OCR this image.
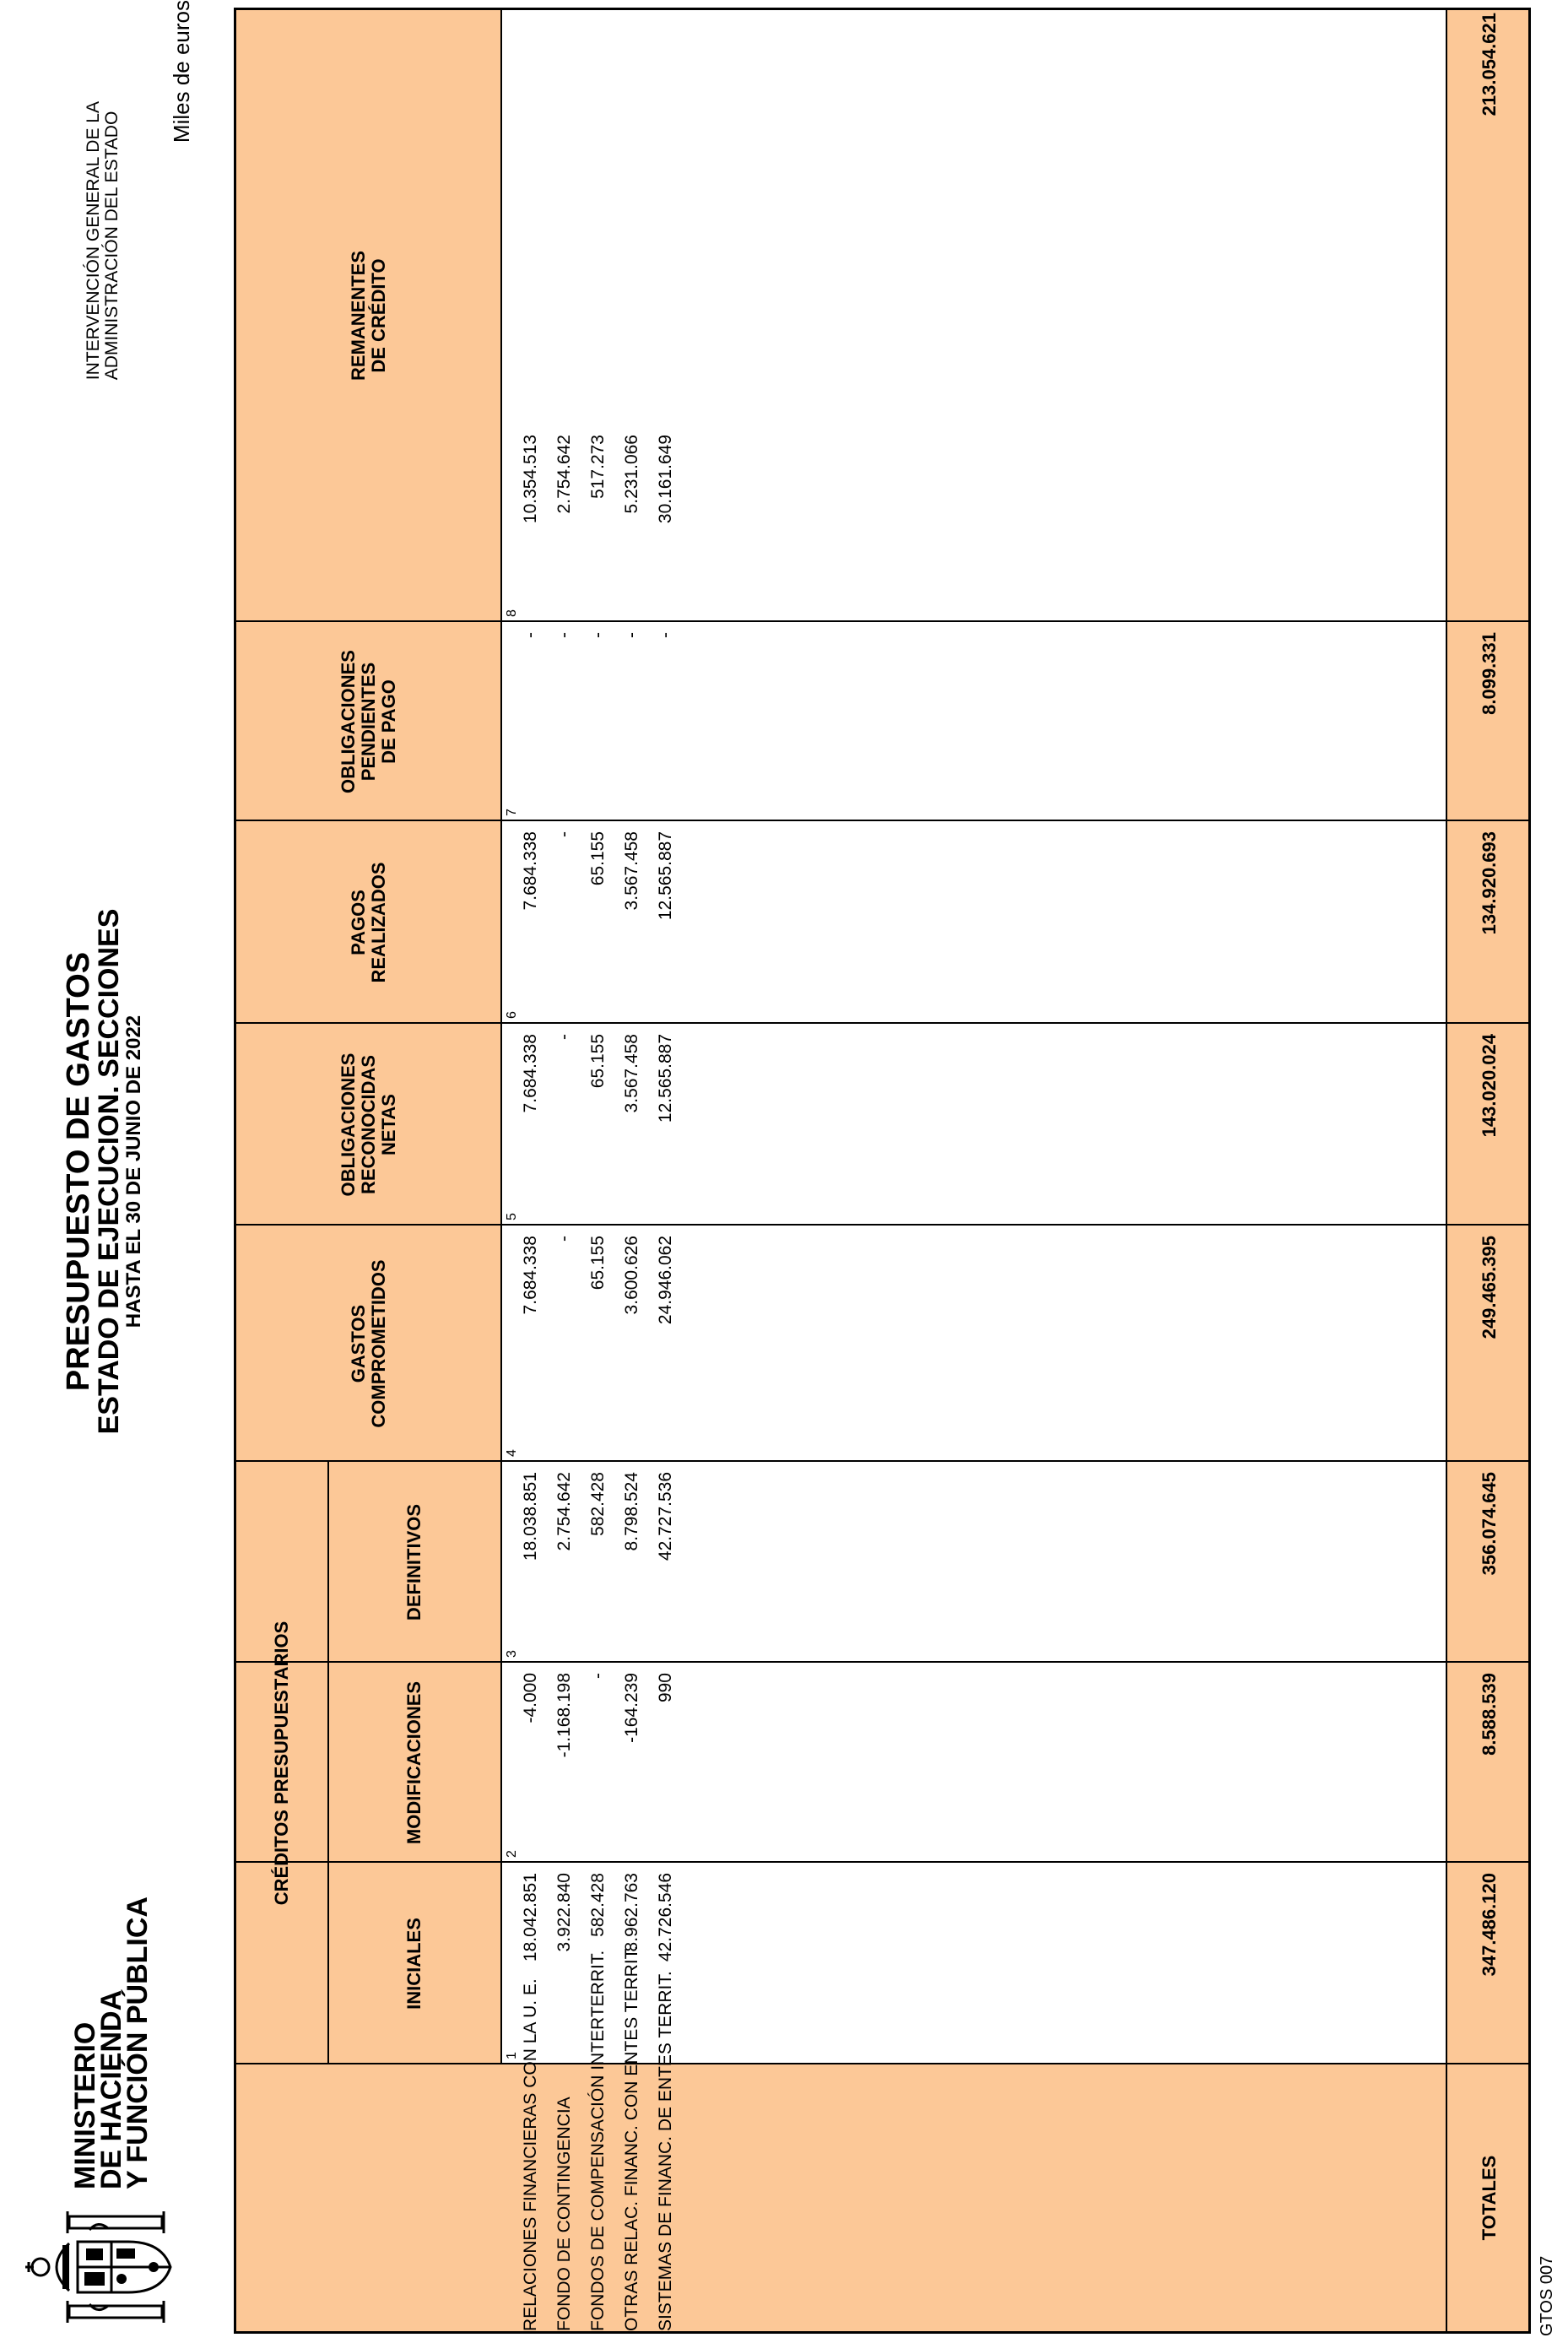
MINISTERIO
DE HACIENDA
Y FUNCIÓN PÚBLICA
PRESUPUESTO DE GASTOS
ESTADO DE EJECUCION. SECCIONES
HASTA EL 30 DE JUNIO DE 2022
INTERVENCIÓN GENERAL DE LA ADMINISTRACIÓN DEL ESTADO
Miles de euros
CRÉDITOS PRESUPUESTARIOS
INICIALES
MODIFICACIONES
DEFINITIVOS
GASTOS COMPROMETIDOS
OBLIGACIONES RECONOCIDAS NETAS
PAGOS REALIZADOS
OBLIGACIONES PENDIENTES DE PAGO
REMANENTES DE CRÉDITO
1
2
3
4
5
6
7
8
RELACIONES FINANCIERAS CON LA U. E.
18.042.851
-4.000
18.038.851
7.684.338
7.684.338
7.684.338
-
10.354.513
FONDO DE CONTINGENCIA
3.922.840
-1.168.198
2.754.642
-
-
-
-
2.754.642
FONDOS DE COMPENSACIÓN INTERTERRIT.
582.428
-
582.428
65.155
65.155
65.155
-
517.273
OTRAS RELAC. FINANC. CON ENTES TERRIT.
8.962.763
-164.239
8.798.524
3.600.626
3.567.458
3.567.458
-
5.231.066
SISTEMAS DE FINANC. DE ENTES TERRIT.
42.726.546
990
42.727.536
24.946.062
12.565.887
12.565.887
-
30.161.649
TOTALES
347.486.120
8.588.539
356.074.645
249.465.395
143.020.024
134.920.693
8.099.331
213.054.621
GTOS 007
